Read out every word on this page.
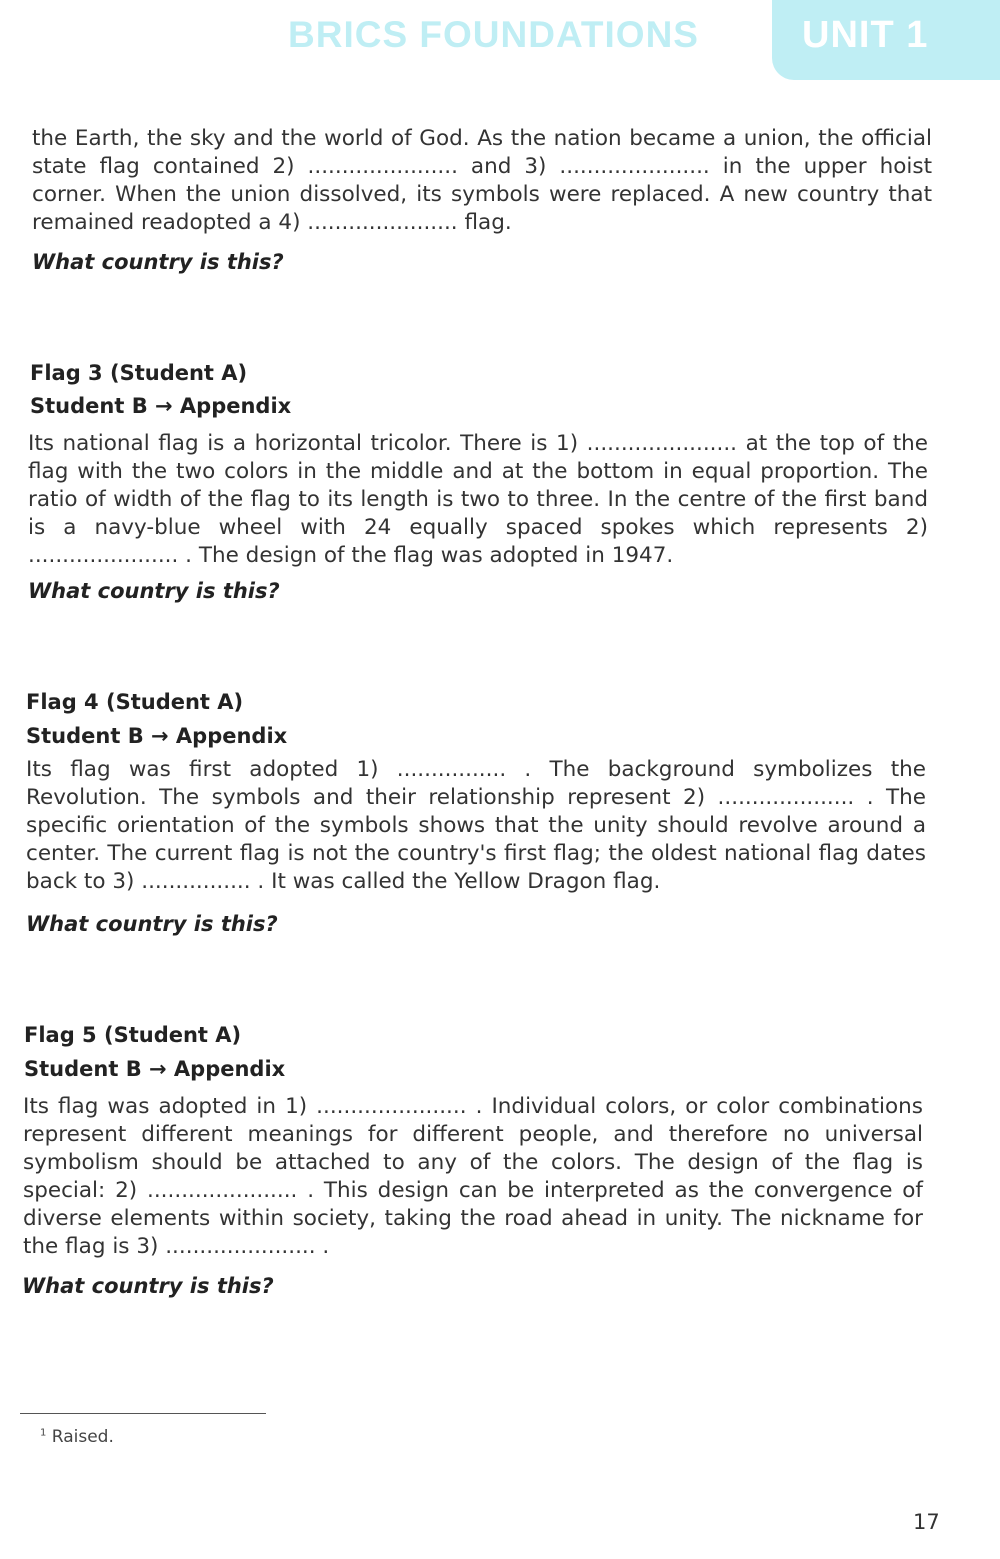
BRICS FOUNDATIONS	UNIT 1

the Earth, the sky and the world of God. As the nation became a union, the official state flag contained 2) ...................... and 3) ...................... in the upper hoist corner. When the union dissolved, its symbols were replaced. A new country that remained readopted a 4) ...................... flag.

What country is this?

Flag 3 (Student A)

Student B → Appendix

Its national flag is a horizontal tricolor. There is 1) ...................... at the top of the flag with the two colors in the middle and at the bottom in equal proportion. The ratio of width of the flag to its length is two to three. In the centre of the first band is a navy-blue wheel with 24 equally spaced spokes which represents 2) ...................... . The design of the flag was adopted in 1947.

What country is this?

Flag 4 (Student A)

Student B → Appendix

Its flag was first adopted 1) ................ . The background symbolizes the Revolution. The symbols and their relationship represent 2) .................... . The specific orientation of the symbols shows that the unity should revolve around a center. The current flag is not the country's first flag; the oldest national flag dates back to 3) ................ . It was called the Yellow Dragon flag.

What country is this?

Flag 5 (Student A)

Student B → Appendix

Its flag was adopted in 1) ...................... . Individual colors, or color combinations represent different meanings for different people, and therefore no universal symbolism should be attached to any of the colors. The design of the flag is special: 2) ...................... . This design can be interpreted as the convergence of diverse elements within society, taking the road ahead in unity. The nickname for the flag is 3) ...................... .

What country is this?

$^1$ Raised.
17
